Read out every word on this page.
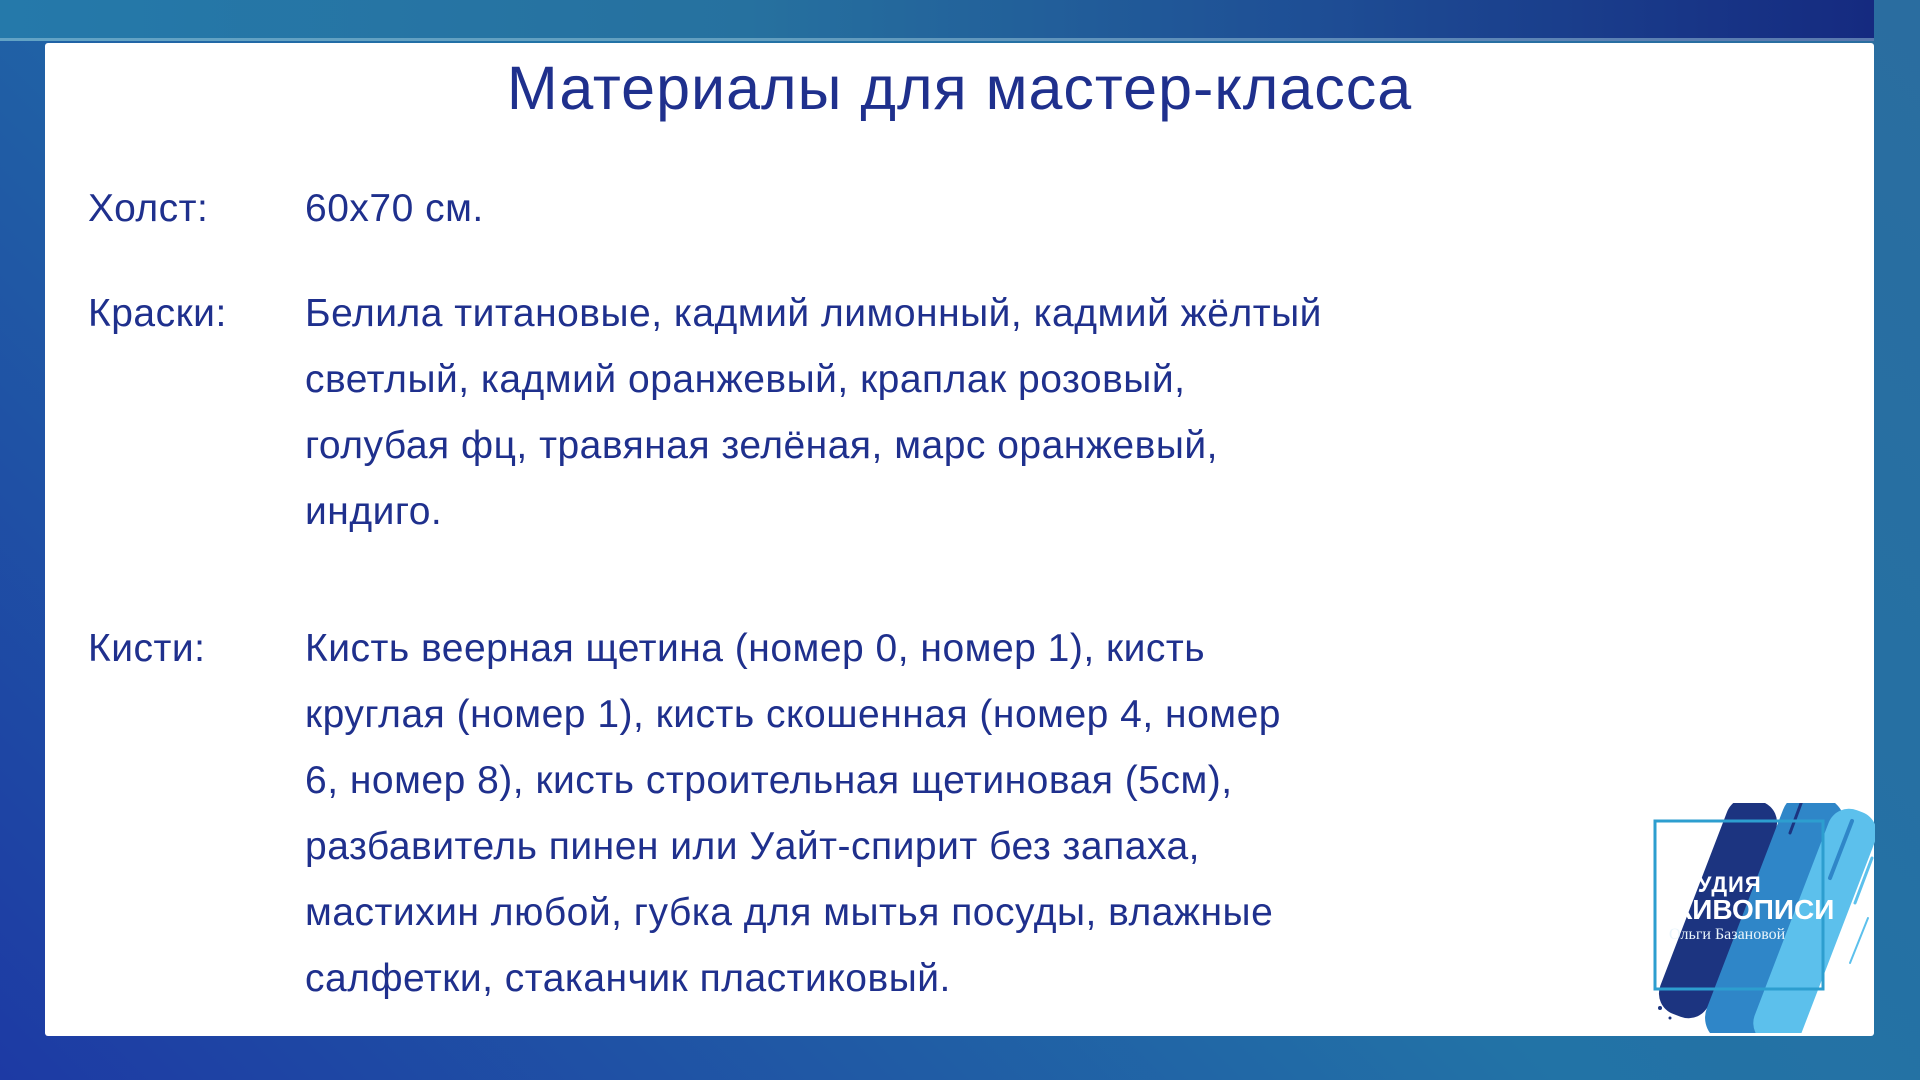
Материалы для мастер-класса
Холст:	60х70 см.
Краски:	Белила титановые, кадмий лимонный, кадмий жёлтый
светлый, кадмий оранжевый, краплак розовый,
голубая фц, травяная зелёная, марс оранжевый,
индиго.
Кисти:	Кисть веерная щетина (номер 0, номер 1), кисть
круглая (номер 1), кисть скошенная (номер 4, номер
6, номер 8), кисть строительная щетиновая (5см),
разбавитель пинен или Уайт-спирит без запаха,
мастихин любой, губка для мытья посуды, влажные
салфетки, стаканчик пластиковый.
СТУДИЯ
ЖИВОПИСИ
Ольги Базановой
